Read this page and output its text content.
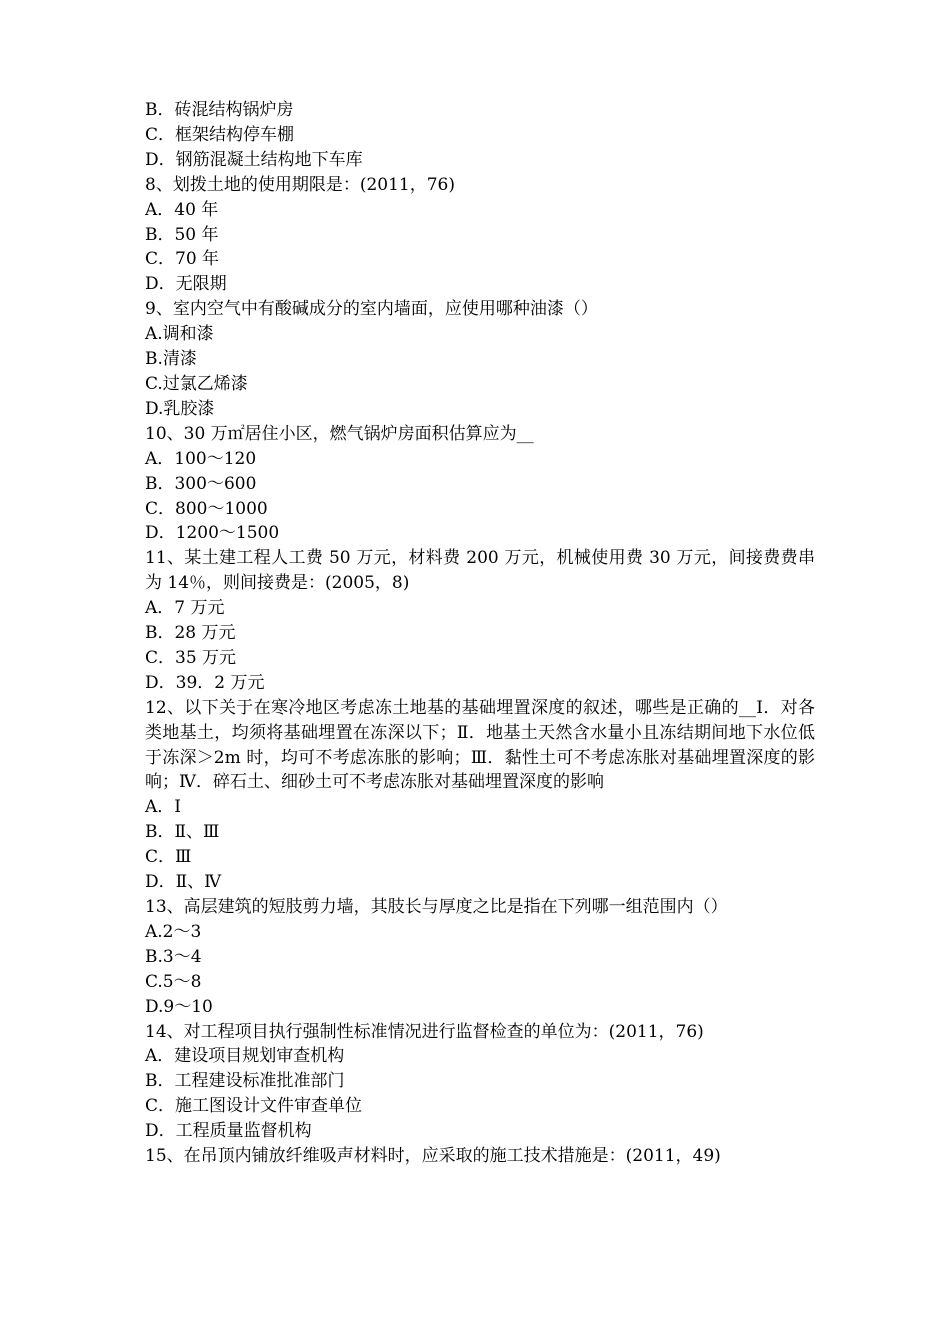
B．砖混结构锅炉房

C．框架结构停车棚

D．钢筋混凝土结构地下车库

8、划拨土地的使用期限是：(2011，76)

A．40 年

B．50 年

C．70 年

D．无限期

9、室内空气中有酸碱成分的室内墙面，应使用哪种油漆（）

A.调和漆

B.清漆

C.过氯乙烯漆

D.乳胶漆

10、30 万㎡居住小区，燃气锅炉房面积估算应为__

A．100～120

B．300～600

C．800～1000

D．1200～1500

11、某土建工程人工费 50 万元，材料费 200 万元，机械使用费 30 万元，间接费费串为 14％，则间接费是：(2005，8)

A．7 万元

B．28 万元

C．35 万元

D．39．2 万元

12、以下关于在寒冷地区考虑冻土地基的基础埋置深度的叙述，哪些是正确的__Ⅰ．对各类地基土，均须将基础埋置在冻深以下；Ⅱ．地基土天然含水量小且冻结期间地下水位低于冻深＞2m 时，均可不考虑冻胀的影响；Ⅲ．黏性土可不考虑冻胀对基础埋置深度的影响；Ⅳ．碎石土、细砂土可不考虑冻胀对基础埋置深度的影响

A．Ⅰ

B．Ⅱ、Ⅲ

C．Ⅲ

D．Ⅱ、Ⅳ

13、高层建筑的短肢剪力墙，其肢长与厚度之比是指在下列哪一组范围内（）

A.2～3

B.3～4

C.5～8

D.9～10

14、对工程项目执行强制性标准情况进行监督检查的单位为：(2011，76)

A．建设项目规划审查机构

B．工程建设标准批准部门

C．施工图设计文件审查单位

D．工程质量监督机构

15、在吊顶内铺放纤维吸声材料时，应采取的施工技术措施是：(2011，49)
